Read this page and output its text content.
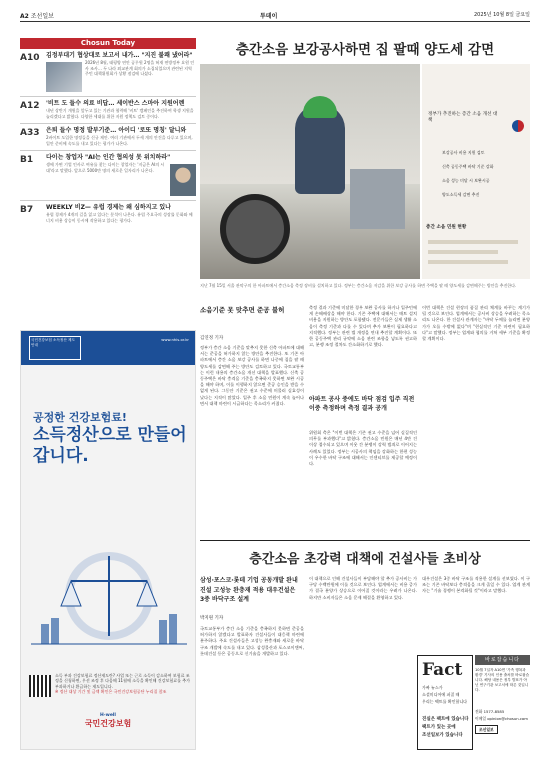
A2 조선일보	투데이	2025년 10월 8일 금요일
Chosun Today
A10	김정부대기 협상대로 보고서 내가… "지진 불쾌 냈어라"
2026년 8월, 태평양 연안 공무원 2명을 허재 연방정부 요원 인사 조사… 두 나라 외교관계 회의가 소집되었으며 관련된 지역 주민 대책위원회가 상황 점검에 나섰다.
A12	'비트 도 들수 의료 비답… 세이반스 스마아 지원어렌
내년 상반기 개원을 앞두고 있는 기관과 협력해 '비트' 캠페인을 추진하여 학생 지원을 늘리겠다고 밝혔다. 다양한 세대를 위한 지원 정책도 검토 중이다.
A33	은퇴 들수 명정 발부기준… 아이디 '로또 명칭' 달니와
2바이트 도입한 명정들을 신규 제안. 여러 기관에서 두세 개의 안건을 다루고 있으며, 입안 준비에 속도를 내고 있다는 평가가 나온다.
B1	다이는 창업자 "AI는 인간 협의성 못 위치하라"
생에 가면 기업 인사로 여유를 찾는 다이는 창업자는 '지금은 AI의 시대'라고 말했다. 앞으로 5000만 명의 새로운 일자리가 나온다.
B7	WEEKLY 비Z— 유럽 경제는 왜 심하지고 있나
유럽 경제가 4개의 길을 잃고 있다는 분석이 나온다. 유럽 주요국의 성장률 둔화와 에너지 비용 상승이 동시에 작용하고 있다는 평가다.
국민건강보험 소득정산 제도 안내
www.nhis.or.kr
공정한 건강보험료!
소득정산으로 만들어 갑니다.
소득 부과 건강보험료 정산제도란? 사업 또는 근로 소득이 감소하여 보험료 조정을 신청하면, 우선 조정 후 다음해 11월에 소득을 확인해 건강보험료를 추가 부과하거나 환급하는 제도입니다.
※ 정산 대상 기간 및 금액 확인은 국민건강보험공단 누리집 참조
H-well
국민건강보험
층간소음 보강공사하면 집 팔때 양도세 감면
정부가 추진하는 층간 소음 개선 대책
보강공사 비용 지원 검토
신축 공동주택 바닥 기준 강화
소음 성능 미달 시 보완시공
양도소득세 감면 추진
층간 소음 민원 현황
지난 7월 15일 서울 관악구의 한 아파트에서 층간소음 측정 장비를 설치하고 있다. 정부는 층간소음 저감을 위한 보강 공사를 하면 주택을 팔 때 양도세를 감면해주는 방안을 추진한다.
소음기준 못 맞추면 준공 불허
김연정 기자
정부가 층간 소음 기준을 맞추지 못한 신축 아파트에 대해서는 준공을 허가하지 않는 방안을 추진한다. 또 기존 아파트에서 층간 소음 보강 공사를 하면 나중에 집을 팔 때 양도세를 감면해 주는 방안도 검토하고 있다. 국토교통부는 이런 내용의 층간소음 개선 대책을 발표했다. 신축 공동주택은 바닥 충격음 기준을 충족하지 못하면 보완 시공을 해야 하며, 이를 이행하지 않으면 준공 승인을 받을 수 없게 된다. 그동안 기준은 권고 수준에 머물러 실효성이 낮다는 지적이 많았다. 입주 후 소음 민원이 계속 늘어나면서 대책 마련이 시급하다는 목소리가 커졌다.
측정 결과 기준에 미달한 경우 보완 공사를 하거나 입주민에게 손해배상을 해야 한다. 기존 주택에 대해서는 매트 설치 비용을 지원하는 방안도 포함됐다. 전문가들은 실제 생활 소음이 측정 기준과 다를 수 있다며 추가 보완이 필요하다고 지적했다. 정부는 관련 법 개정을 연내 추진할 계획이다. 또한 공동주택 관리 규약에 소음 관련 조항을 넣도록 권고하고, 분쟁 조정 절차도 간소화하기로 했다.
아파트 공사 중에도 바닥 점검 입주 직전 이중 측정하며 측정 결과 공개
위원회 측은 "이번 대책은 기존 권고 수준을 넘어 실질적인 의무를 부과했다"고 밝혔다. 층간소음 민원은 매년 4만 건 이상 접수되고 있으며 이웃 간 분쟁이 강력 범죄로 이어지는 사례도 있었다. 정부는 시공사의 책임을 강화하는 한편 성능이 우수한 바닥 구조에 대해서는 인센티브를 제공할 예정이다.
이번 대책은 건설 현장의 품질 관리 체계를 바꾸는 계기가 될 것으로 보인다. 업계에서는 공사비 상승을 우려하는 목소리도 나온다. 한 건설사 관계자는 "바닥 두께를 늘리면 분양가가 오를 수밖에 없다"며 "현실적인 기준 마련이 필요하다"고 말했다. 정부는 업계와 협의를 거쳐 세부 기준을 확정할 계획이다.
층간소음 초강력 대책에 건설사들 초비상
삼성·포스코·롯데 기업 공동개발 완내진설 고성능 완충재 적용 대우건설은 3중 바닥구조 설계
박지원 기자
국토교통부가 층간 소음 기준을 충족하지 못하면 준공을 허가하지 않겠다고 발표하자 건설사들이 대응책 마련에 분주하다. 주요 건설사들은 고성능 완충재와 새로운 바닥 구조 개발에 속도를 내고 있다. 삼성물산과 포스코이앤씨, 롯데건설 등은 공동으로 신기술을 개발하고 있다.
이 대책으로 인해 건설사들이 부담해야 할 추가 공사비는 가구당 수백만원에 이를 것으로 보인다. 업계에서는 비용 증가가 결국 분양가 상승으로 이어질 것이라는 우려가 나온다. 하지만 소비자들은 소음 문제 해결을 환영하고 있다.
대우건설은 3중 바닥 구조를 적용한 설계를 선보였다. 이 구조는 기존 바닥보다 충격음을 크게 줄일 수 있다. 업계 관계자는 "기술 경쟁이 본격화될 것"이라고 말했다.
Fact
가짜 뉴스가
소셜미디어에 퍼질 때
우리는 팩트를 확인합니다
진실은 팩트에 있습니다
팩트가 있는 곳에
조선일보가 있습니다
바로잡습니다
10월 7일자 A10면 '가족 행복과 환경' 기사의 인용 출처를 바로잡습니다. 해당 내용은 정부 발표가 아닌 연구기관 보고서에 따른 것입니다.
전화 1577-8585
이메일 opinion@chosun.com
조선일보
